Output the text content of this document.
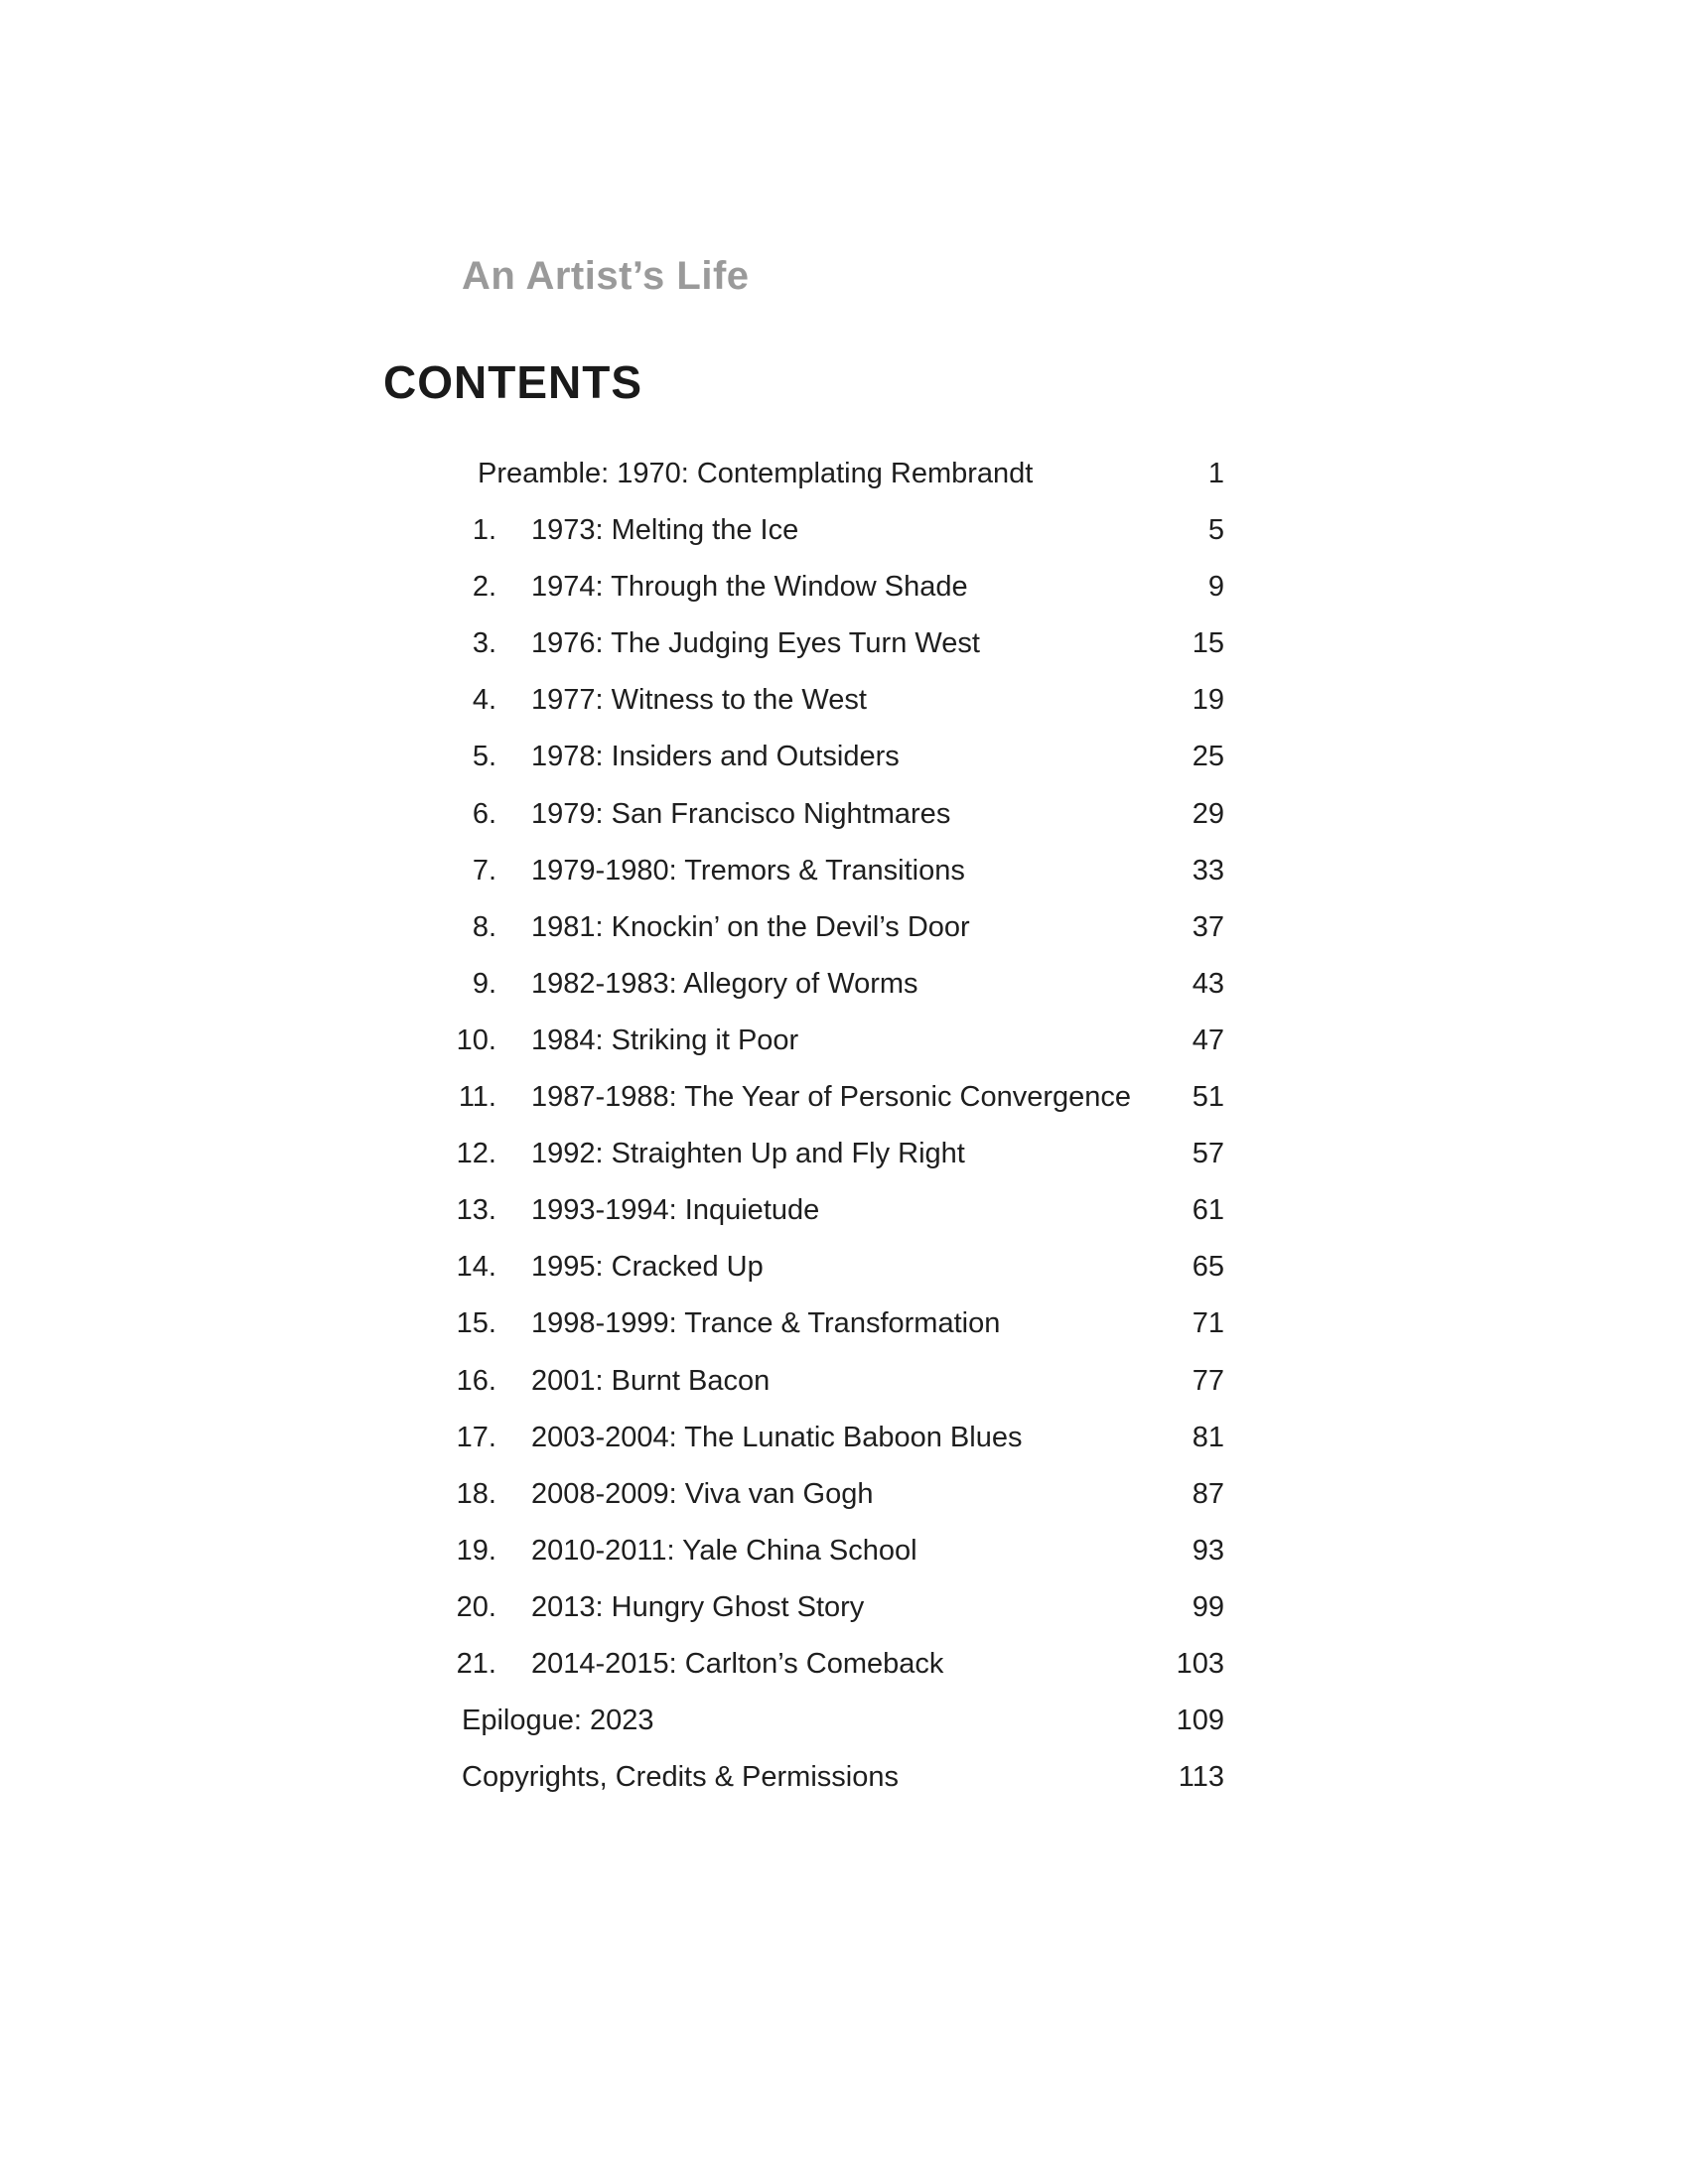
An Artist’s Life
CONTENTS
Preamble: 1970: Contemplating Rembrandt	1
1. 1973: Melting the Ice	5
2. 1974: Through the Window Shade	9
3. 1976: The Judging Eyes Turn West	15
4. 1977: Witness to the West	19
5. 1978: Insiders and Outsiders	25
6. 1979: San Francisco Nightmares	29
7. 1979-1980: Tremors & Transitions	33
8. 1981: Knockin’ on the Devil’s Door	37
9. 1982-1983: Allegory of Worms	43
10. 1984: Striking it Poor	47
11. 1987-1988: The Year of Personic Convergence 51
12. 1992: Straighten Up and Fly Right	57
13. 1993-1994: Inquietude	61
14. 1995: Cracked Up	65
15. 1998-1999: Trance & Transformation	71
16. 2001: Burnt Bacon	77
17. 2003-2004: The Lunatic Baboon Blues	81
18. 2008-2009: Viva van Gogh	87
19. 2010-2011: Yale China School	93
20. 2013: Hungry Ghost Story	99
21. 2014-2015: Carlton’s Comeback	103
Epilogue: 2023	109
Copyrights, Credits & Permissions	113
